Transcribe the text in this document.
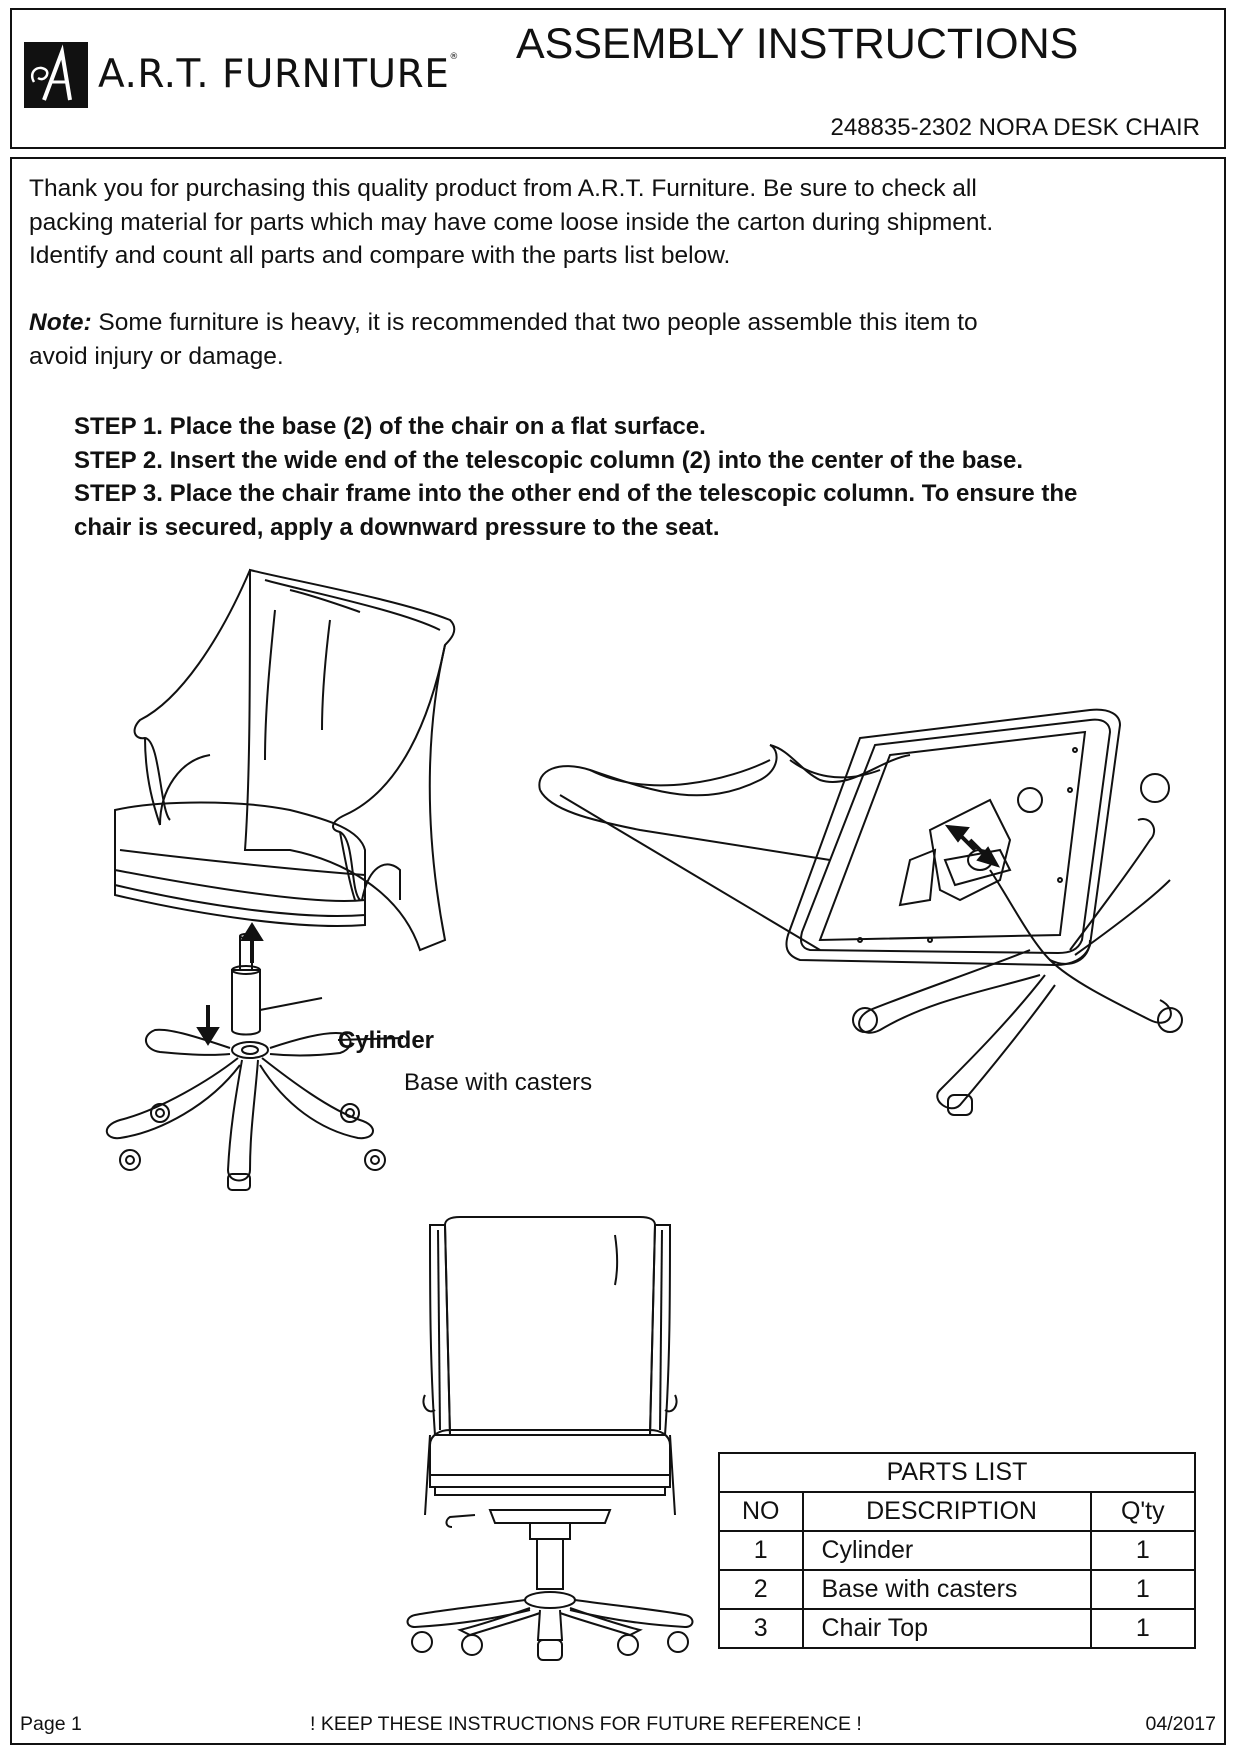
A.R.T. FURNITURE® ASSEMBLY INSTRUCTIONS
248835-2302 NORA DESK CHAIR
Thank you for purchasing this quality product from A.R.T. Furniture. Be sure to check all
packing material for parts which may have come loose inside the carton during shipment.
Identify and count all parts and compare with the parts list below.
Note: Some furniture is heavy, it is recommended that two people assemble this item to
avoid injury or damage.
STEP 1. Place the base (2) of the chair on a flat surface.
STEP 2. Insert the wide end of the telescopic column (2) into the center of the base.
STEP 3. Place the chair frame into the other end of the telescopic column. To ensure the
chair is secured, apply a downward pressure to the seat.
Cylinder
Base with casters
PARTS LIST		
NO	DESCRIPTION	Q'ty
1	Cylinder	1
2	Base with casters	1
3	Chair Top	1
Page 1	! KEEP THESE INSTRUCTIONS FOR FUTURE REFERENCE !	04/2017
